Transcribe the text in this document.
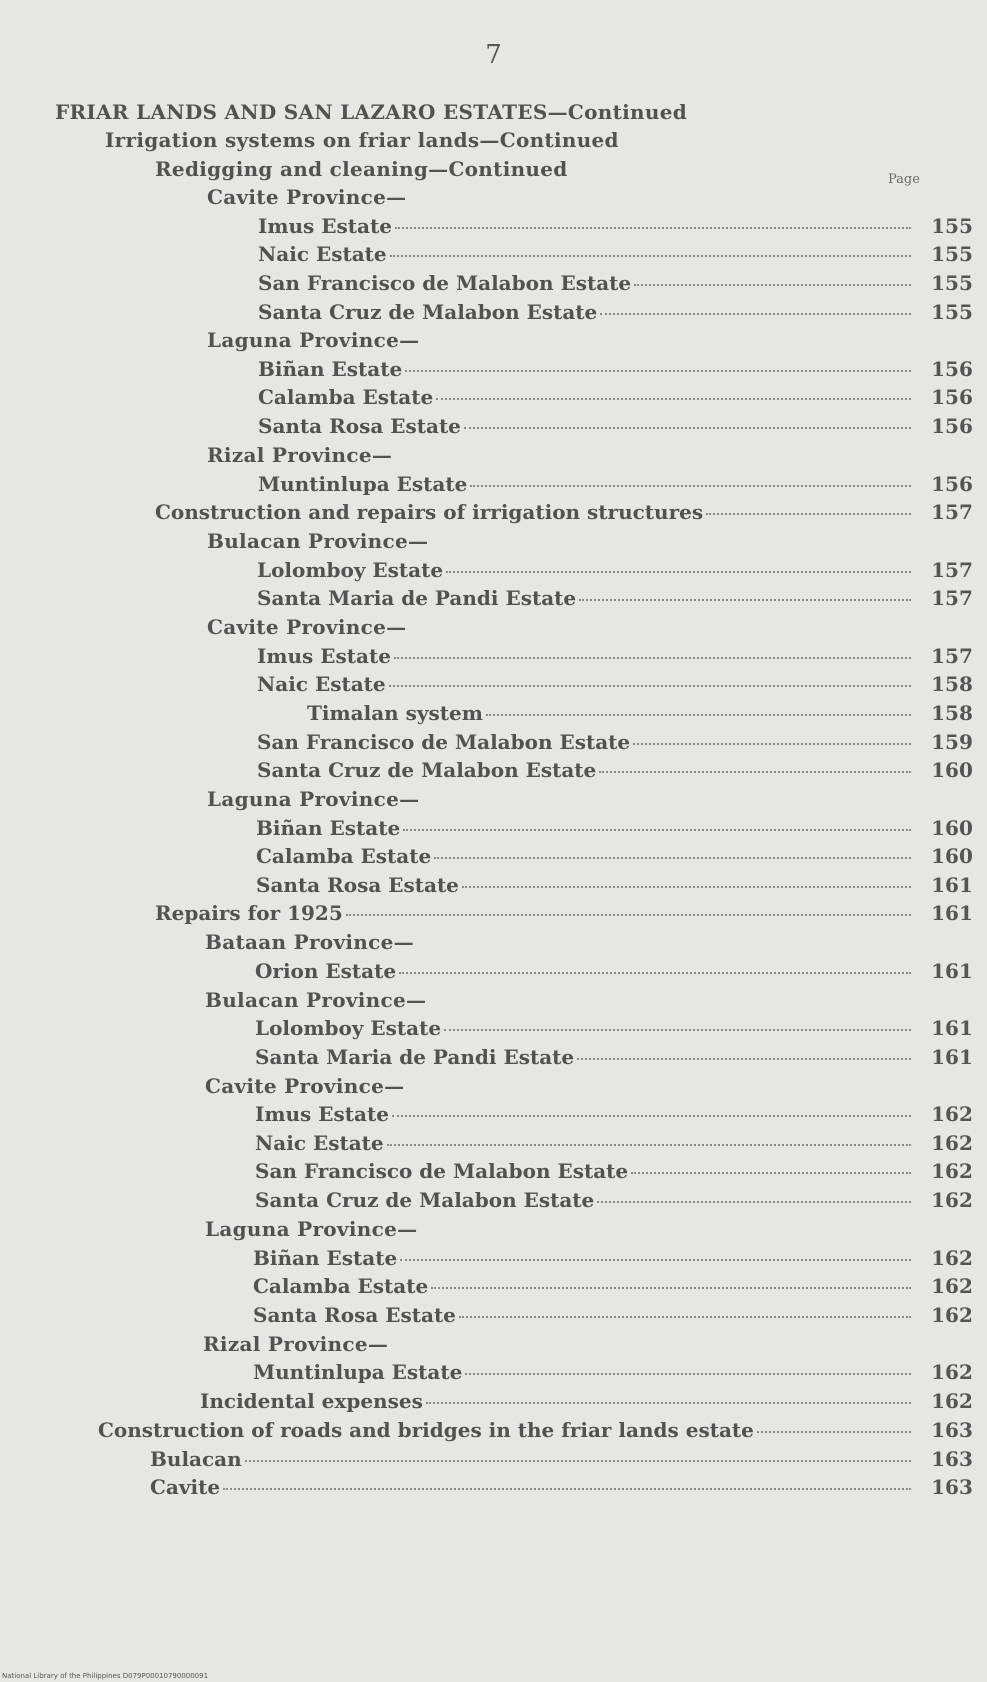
7
Page
FRIAR LANDS AND SAN LAZARO ESTATES—Continued
Irrigation systems on friar lands—Continued
Redigging and cleaning—Continued
Cavite Province—
Imus Estate	155
Naic Estate	155
San Francisco de Malabon Estate	155
Santa Cruz de Malabon Estate	155
Laguna Province—
Biñan Estate	156
Calamba Estate	156
Santa Rosa Estate	156
Rizal Province—
Muntinlupa Estate	156
Construction and repairs of irrigation structures	157
Bulacan Province—
Lolomboy Estate	157
Santa Maria de Pandi Estate	157
Cavite Province—
Imus Estate	157
Naic Estate	158
Timalan system	158
San Francisco de Malabon Estate	159
Santa Cruz de Malabon Estate	160
Laguna Province—
Biñan Estate	160
Calamba Estate	160
Santa Rosa Estate	161
Repairs for 1925	161
Bataan Province—
Orion Estate	161
Bulacan Province—
Lolomboy Estate	161
Santa Maria de Pandi Estate	161
Cavite Province—
Imus Estate	162
Naic Estate	162
San Francisco de Malabon Estate	162
Santa Cruz de Malabon Estate	162
Laguna Province—
Biñan Estate	162
Calamba Estate	162
Santa Rosa Estate	162
Rizal Province—
Muntinlupa Estate	162
Incidental expenses	162
Construction of roads and bridges in the friar lands estate	163
Bulacan	163
Cavite	163
National Library of the Philippines D079P00010790000091
